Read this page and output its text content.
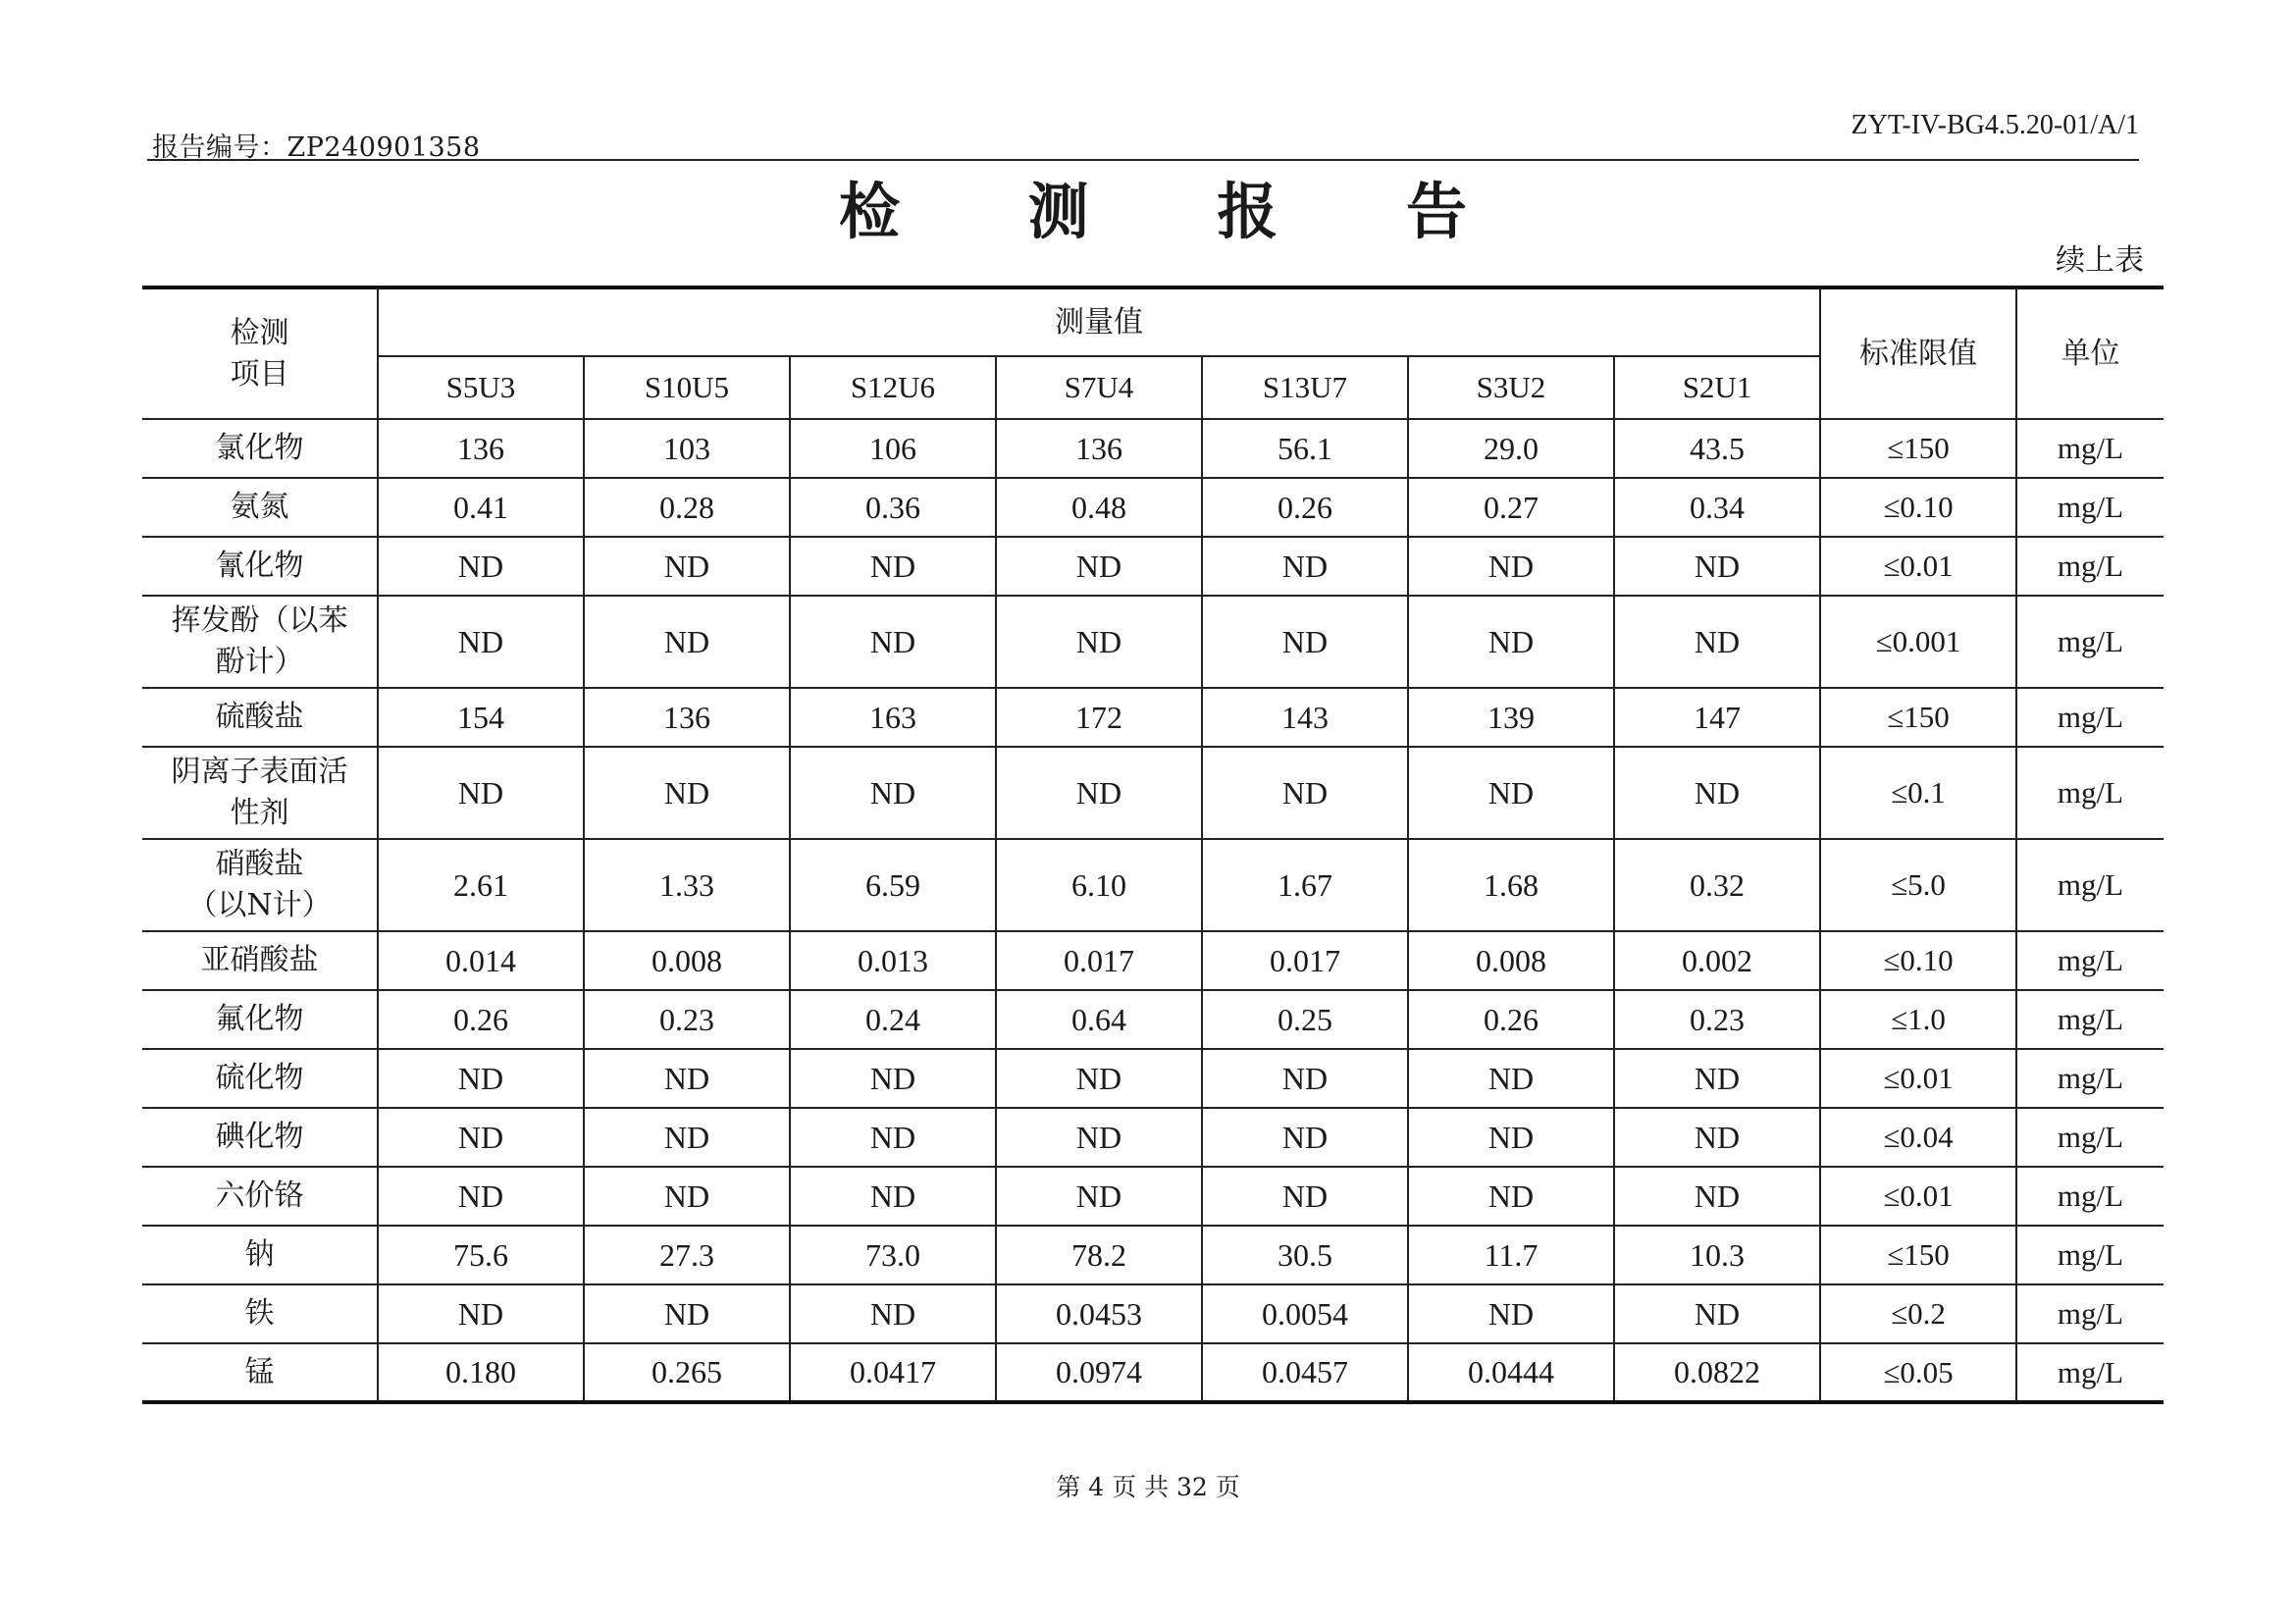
报告编号：ZP240901358
ZYT-IV-BG4.5.20-01/A/1
检 测 报 告
续上表
检测
项目	测量值							标准限值	单位
	S5U3	S10U5	S12U6	S7U4	S13U7	S3U2	S2U1		
氯化物	136	103	106	136	56.1	29.0	43.5	≤150	mg/L
氨氮	0.41	0.28	0.36	0.48	0.26	0.27	0.34	≤0.10	mg/L
氰化物	ND	ND	ND	ND	ND	ND	ND	≤0.01	mg/L
挥发酚（以苯
酚计）	ND	ND	ND	ND	ND	ND	ND	≤0.001	mg/L
硫酸盐	154	136	163	172	143	139	147	≤150	mg/L
阴离子表面活
性剂	ND	ND	ND	ND	ND	ND	ND	≤0.1	mg/L
硝酸盐
（以N计）	2.61	1.33	6.59	6.10	1.67	1.68	0.32	≤5.0	mg/L
亚硝酸盐	0.014	0.008	0.013	0.017	0.017	0.008	0.002	≤0.10	mg/L
氟化物	0.26	0.23	0.24	0.64	0.25	0.26	0.23	≤1.0	mg/L
硫化物	ND	ND	ND	ND	ND	ND	ND	≤0.01	mg/L
碘化物	ND	ND	ND	ND	ND	ND	ND	≤0.04	mg/L
六价铬	ND	ND	ND	ND	ND	ND	ND	≤0.01	mg/L
钠	75.6	27.3	73.0	78.2	30.5	11.7	10.3	≤150	mg/L
铁	ND	ND	ND	0.0453	0.0054	ND	ND	≤0.2	mg/L
锰	0.180	0.265	0.0417	0.0974	0.0457	0.0444	0.0822	≤0.05	mg/L
第 4 页 共 32 页
